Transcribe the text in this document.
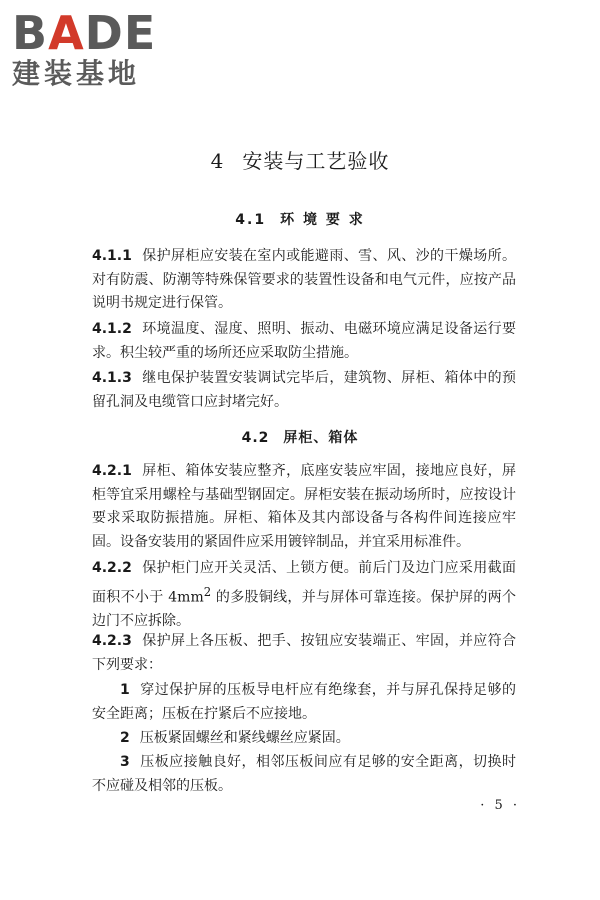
BADE
建装基地
4 安装与工艺验收
4.1 环 境 要 求

4.1.1 保护屏柜应安装在室内或能避雨、雪、风、沙的干燥场所。对有防震、防潮等特殊保管要求的装置性设备和电气元件，应按产品说明书规定进行保管。

4.1.2 环境温度、湿度、照明、振动、电磁环境应满足设备运行要求。积尘较严重的场所还应采取防尘措施。

4.1.3 继电保护装置安装调试完毕后，建筑物、屏柜、箱体中的预留孔洞及电缆管口应封堵完好。

4.2 屏柜、箱体

4.2.1 屏柜、箱体安装应整齐，底座安装应牢固，接地应良好，屏柜等宜采用螺栓与基础型钢固定。屏柜安装在振动场所时，应按设计要求采取防振措施。屏柜、箱体及其内部设备与各构件间连接应牢固。设备安装用的紧固件应采用镀锌制品，并宜采用标准件。

4.2.2 保护柜门应开关灵活、上锁方便。前后门及边门应采用截面面积不小于 $4mm^2$ 的多股铜线，并与屏体可靠连接。保护屏的两个边门不应拆除。

4.2.3 保护屏上各压板、把手、按钮应安装端正、牢固，并应符合下列要求：

1 穿过保护屏的压板导电杆应有绝缘套，并与屏孔保持足够的安全距离；压板在拧紧后不应接地。

2 压板紧固螺丝和紧线螺丝应紧固。

3 压板应接触良好，相邻压板间应有足够的安全距离，切换时不应碰及相邻的压板。

· 5 ·
